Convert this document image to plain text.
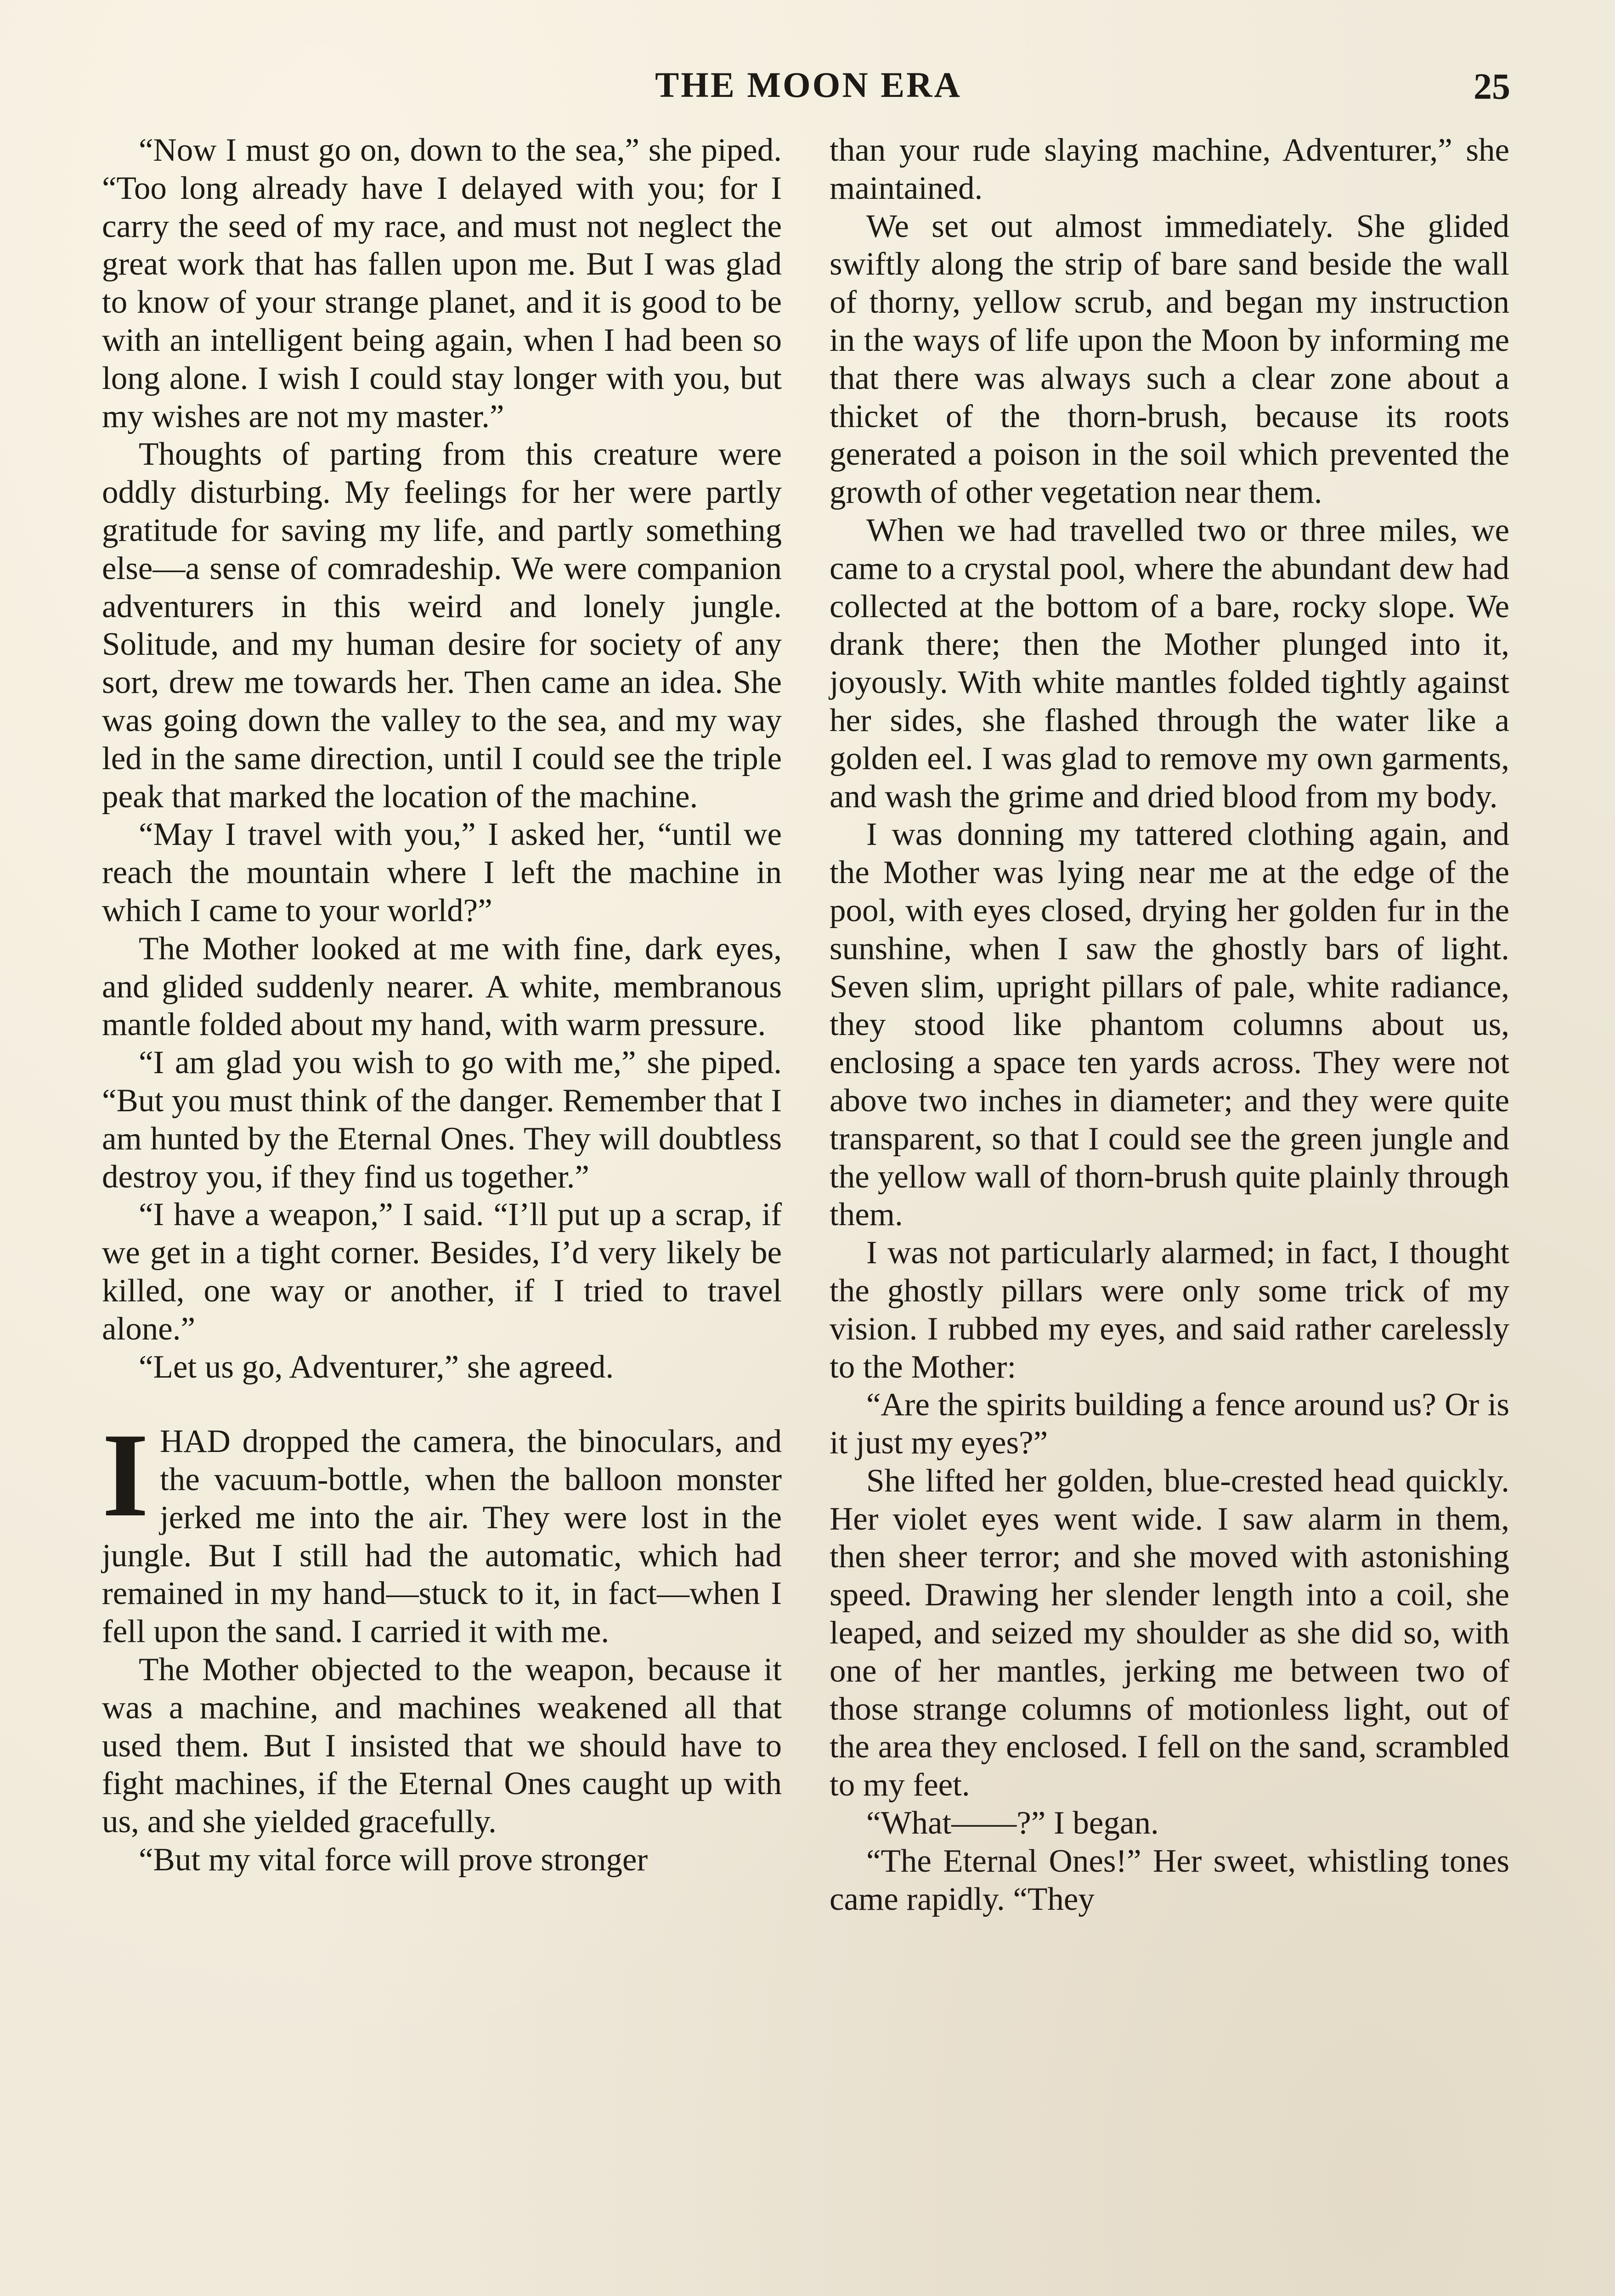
THE MOON ERA	25

“Now I must go on, down to the sea,” she piped. “Too long already have I delayed with you; for I carry the seed of my race, and must not neglect the great work that has fallen upon me. But I was glad to know of your strange planet, and it is good to be with an intelligent being again, when I had been so long alone. I wish I could stay longer with you, but my wishes are not my master.”

Thoughts of parting from this creature were oddly disturbing. My feelings for her were partly gratitude for saving my life, and partly something else—a sense of comradeship. We were companion adventurers in this weird and lonely jungle. Solitude, and my human desire for society of any sort, drew me towards her. Then came an idea. She was going down the valley to the sea, and my way led in the same direction, until I could see the triple peak that marked the location of the machine.

“May I travel with you,” I asked her, “until we reach the mountain where I left the machine in which I came to your world?”

The Mother looked at me with fine, dark eyes, and glided suddenly nearer. A white, membranous mantle folded about my hand, with warm pressure.

“I am glad you wish to go with me,” she piped. “But you must think of the danger. Remember that I am hunted by the Eternal Ones. They will doubtless destroy you, if they find us together.”

“I have a weapon,” I said. “I’ll put up a scrap, if we get in a tight corner. Besides, I’d very likely be killed, one way or another, if I tried to travel alone.”

“Let us go, Adventurer,” she agreed.

IHAD dropped the camera, the binoculars, and the vacuum-bottle, when the balloon monster jerked me into the air. They were lost in the jungle. But I still had the automatic, which had remained in my hand—stuck to it, in fact—when I fell upon the sand. I carried it with me.

The Mother objected to the weapon, because it was a machine, and machines weakened all that used them. But I insisted that we should have to fight machines, if the Eternal Ones caught up with us, and she yielded gracefully.

“But my vital force will prove stronger

than your rude slaying machine, Adventurer,” she maintained.

We set out almost immediately. She glided swiftly along the strip of bare sand beside the wall of thorny, yellow scrub, and began my instruction in the ways of life upon the Moon by informing me that there was always such a clear zone about a thicket of the thorn-brush, because its roots generated a poison in the soil which prevented the growth of other vegetation near them.

When we had travelled two or three miles, we came to a crystal pool, where the abundant dew had collected at the bottom of a bare, rocky slope. We drank there; then the Mother plunged into it, joyously. With white mantles folded tightly against her sides, she flashed through the water like a golden eel. I was glad to remove my own garments, and wash the grime and dried blood from my body.

I was donning my tattered clothing again, and the Mother was lying near me at the edge of the pool, with eyes closed, drying her golden fur in the sunshine, when I saw the ghostly bars of light. Seven slim, upright pillars of pale, white radiance, they stood like phantom columns about us, enclosing a space ten yards across. They were not above two inches in diameter; and they were quite transparent, so that I could see the green jungle and the yellow wall of thorn-brush quite plainly through them.

I was not particularly alarmed; in fact, I thought the ghostly pillars were only some trick of my vision. I rubbed my eyes, and said rather carelessly to the Mother:

“Are the spirits building a fence around us? Or is it just my eyes?”

She lifted her golden, blue-crested head quickly. Her violet eyes went wide. I saw alarm in them, then sheer terror; and she moved with astonishing speed. Drawing her slender length into a coil, she leaped, and seized my shoulder as she did so, with one of her mantles, jerking me between two of those strange columns of motionless light, out of the area they enclosed. I fell on the sand, scrambled to my feet.

“What——?” I began.

“The Eternal Ones!” Her sweet, whistling tones came rapidly. “They
